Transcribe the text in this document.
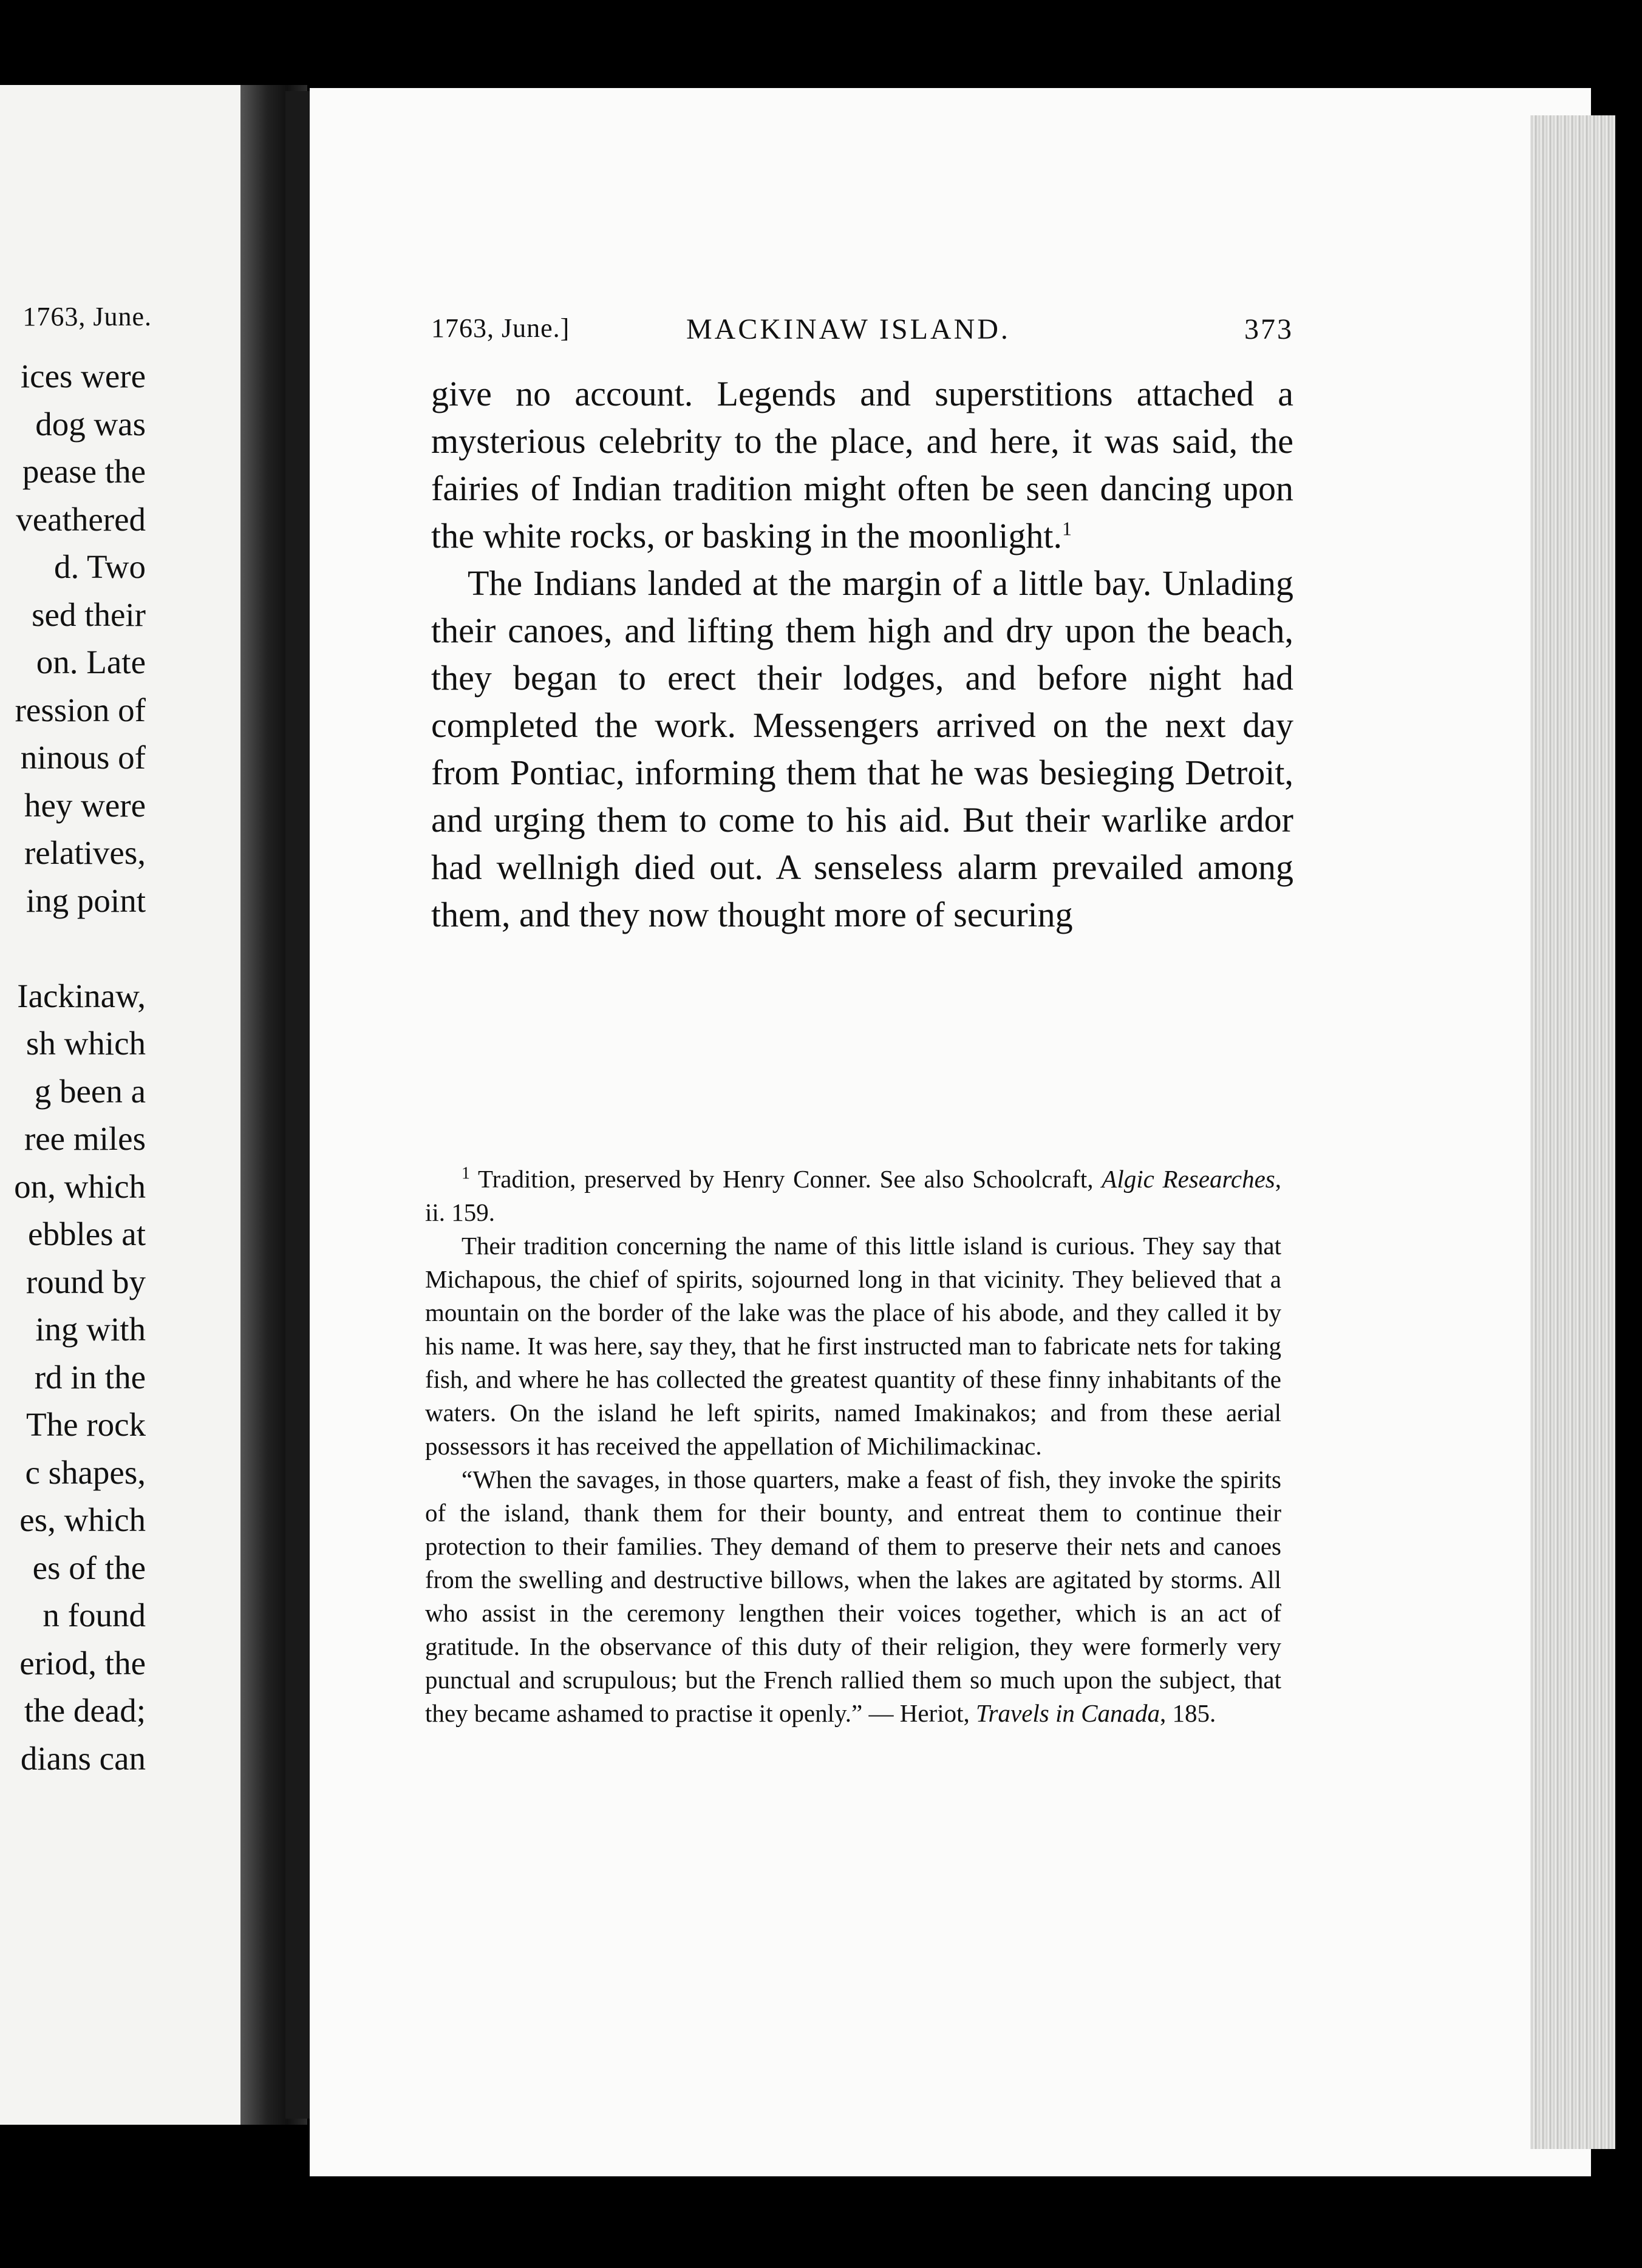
1763, June.
ices were
dog was
pease the
veathered
d. Two
sed their
on. Late
ression of
ninous of
hey were
relatives,
ing point
Iackinaw,
sh which
g been a
ree miles
on, which
ebbles at
round by
ing with
rd in the
The rock
c shapes,
es, which
es of the
n found
eriod, the
the dead;
dians can
1763, June.]	MACKINAW ISLAND.	373

give no account. Legends and superstitions attached a mysterious celebrity to the place, and here, it was said, the fairies of Indian tradition might often be seen dancing upon the white rocks, or basking in the moonlight.$^1$

The Indians landed at the margin of a little bay. Unlading their canoes, and lifting them high and dry upon the beach, they began to erect their lodges, and before night had completed the work. Messengers arrived on the next day from Pontiac, informing them that he was besieging Detroit, and urging them to come to his aid. But their warlike ardor had wellnigh died out. A senseless alarm prevailed among them, and they now thought more of securing

$^1$ Tradition, preserved by Henry Conner. See also Schoolcraft, Algic Researches, ii. 159.

Their tradition concerning the name of this little island is curious. They say that Michapous, the chief of spirits, sojourned long in that vicinity. They believed that a mountain on the border of the lake was the place of his abode, and they called it by his name. It was here, say they, that he first instructed man to fabricate nets for taking fish, and where he has collected the greatest quantity of these finny inhabitants of the waters. On the island he left spirits, named Imakinakos; and from these aerial possessors it has received the appellation of Michilimackinac.

“When the savages, in those quarters, make a feast of fish, they invoke the spirits of the island, thank them for their bounty, and entreat them to continue their protection to their families. They demand of them to preserve their nets and canoes from the swelling and destructive billows, when the lakes are agitated by storms. All who assist in the ceremony lengthen their voices together, which is an act of gratitude. In the observance of this duty of their religion, they were formerly very punctual and scrupulous; but the French rallied them so much upon the subject, that they became ashamed to practise it openly.” — Heriot, Travels in Canada, 185.
